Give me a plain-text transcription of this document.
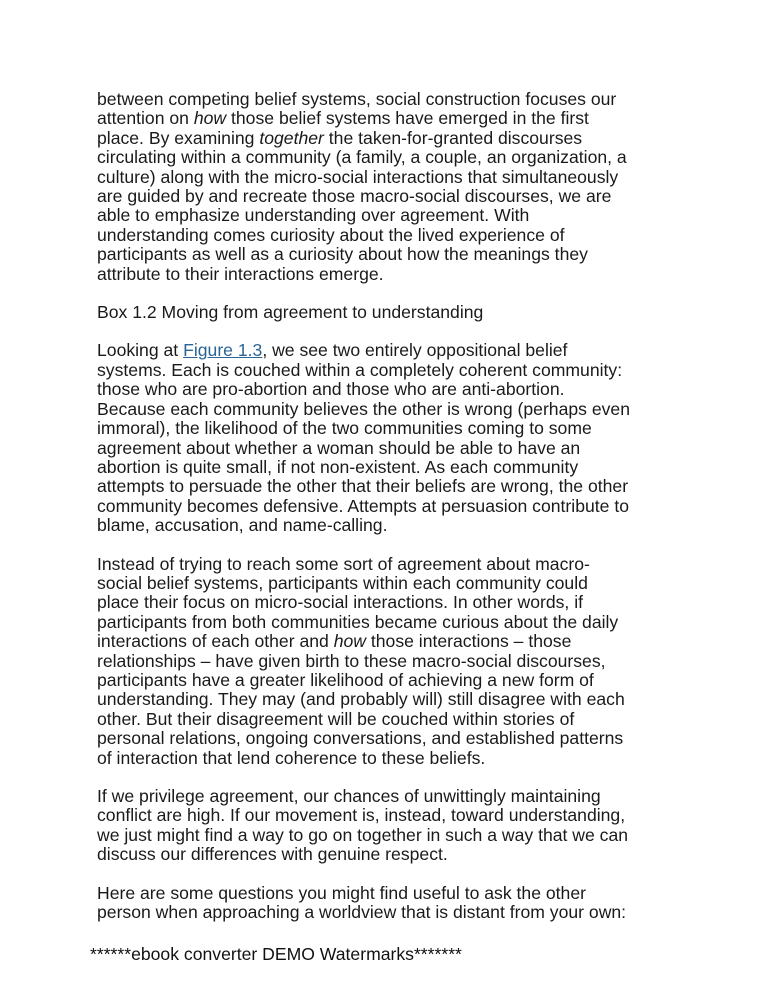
between competing belief systems, social construction focuses our
attention on how those belief systems have emerged in the first
place. By examining together the taken-for-granted discourses
circulating within a community (a family, a couple, an organization, a
culture) along with the micro-social interactions that simultaneously
are guided by and recreate those macro-social discourses, we are
able to emphasize understanding over agreement. With
understanding comes curiosity about the lived experience of
participants as well as a curiosity about how the meanings they
attribute to their interactions emerge.

Box 1.2 Moving from agreement to understanding

Looking at Figure 1.3, we see two entirely oppositional belief
systems. Each is couched within a completely coherent community:
those who are pro-abortion and those who are anti-abortion.
Because each community believes the other is wrong (perhaps even
immoral), the likelihood of the two communities coming to some
agreement about whether a woman should be able to have an
abortion is quite small, if not non-existent. As each community
attempts to persuade the other that their beliefs are wrong, the other
community becomes defensive. Attempts at persuasion contribute to
blame, accusation, and name-calling.

Instead of trying to reach some sort of agreement about macro-
social belief systems, participants within each community could
place their focus on micro-social interactions. In other words, if
participants from both communities became curious about the daily
interactions of each other and how those interactions – those
relationships – have given birth to these macro-social discourses,
participants have a greater likelihood of achieving a new form of
understanding. They may (and probably will) still disagree with each
other. But their disagreement will be couched within stories of
personal relations, ongoing conversations, and established patterns
of interaction that lend coherence to these beliefs.

If we privilege agreement, our chances of unwittingly maintaining
conflict are high. If our movement is, instead, toward understanding,
we just might find a way to go on together in such a way that we can
discuss our differences with genuine respect.

Here are some questions you might find useful to ask the other
person when approaching a worldview that is distant from your own:

******ebook converter DEMO Watermarks*******
